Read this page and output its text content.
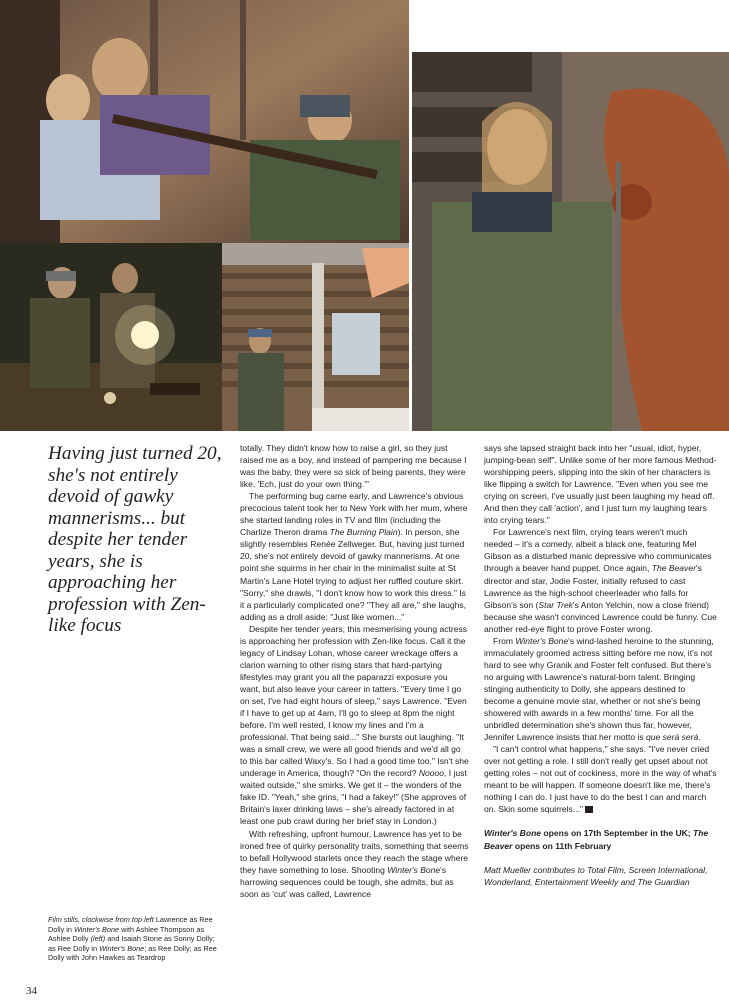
Having just turned 20, she's not entirely devoid of gawky mannerisms... but despite her tender years, she is approaching her profession with Zen-like focus

totally. They didn't know how to raise a girl, so they just raised me as a boy, and instead of pampering me because I was the baby, they were so sick of being parents, they were like, 'Ech, just do your own thing.'"

The performing bug came early, and Lawrence's obvious precocious talent took her to New York with her mum, where she started landing roles in TV and film (including the Charlize Theron drama The Burning Plain). In person, she slightly resembles Renée Zellweger. But, having just turned 20, she's not entirely devoid of gawky mannerisms. At one point she squirms in her chair in the minimalist suite at St Martin's Lane Hotel trying to adjust her ruffled couture skirt. "Sorry," she drawls, "I don't know how to work this dress." Is it a particularly complicated one? "They all are," she laughs, adding as a droll aside: "Just like women..."

Despite her tender years, this mesmerising young actress is approaching her profession with Zen-like focus. Call it the legacy of Lindsay Lohan, whose career wreckage offers a clarion warning to other rising stars that hard-partying lifestyles may grant you all the paparazzi exposure you want, but also leave your career in tatters. "Every time I go on set, I've had eight hours of sleep," says Lawrence. "Even if I have to get up at 4am, I'll go to sleep at 8pm the night before. I'm well rested, I know my lines and I'm a professional. That being said..." She bursts out laughing. "It was a small crew, we were all good friends and we'd all go to this bar called Waxy's. So I had a good time too." Isn't she underage in America, though? "On the record? Noooo, I just waited outside," she smirks. We get it – the wonders of the fake ID. "Yeah," she grins, "I had a fakey!" (She approves of Britain's laxer drinking laws – she's already factored in at least one pub crawl during her brief stay in London.)

With refreshing, upfront humour, Lawrence has yet to be ironed free of quirky personality traits, something that seems to befall Hollywood starlets once they reach the stage where they have something to lose. Shooting Winter's Bone's harrowing sequences could be tough, she admits, but as soon as 'cut' was called, Lawrence

says she lapsed straight back into her "usual, idiot, hyper, jumping-bean self". Unlike some of her more famous Method-worshipping peers, slipping into the skin of her characters is like flipping a switch for Lawrence. "Even when you see me crying on screen, I've usually just been laughing my head off. And then they call 'action', and I just turn my laughing tears into crying tears."

For Lawrence's next film, crying tears weren't much needed – it's a comedy, albeit a black one, featuring Mel Gibson as a disturbed manic depressive who communicates through a beaver hand puppet. Once again, The Beaver's director and star, Jodie Foster, initially refused to cast Lawrence as the high-school cheerleader who falls for Gibson's son (Star Trek's Anton Yelchin, now a close friend) because she wasn't convinced Lawrence could be funny. Cue another red-eye flight to prove Foster wrong.

From Winter's Bone's wind-lashed heroine to the stunning, immaculately groomed actress sitting before me now, it's not hard to see why Granik and Foster felt confused. But there's no arguing with Lawrence's natural-born talent. Bringing stinging authenticity to Dolly, she appears destined to become a genuine movie star, whether or not she's being showered with awards in a few months' time. For all the unbridled determination she's shown thus far, however, Jennifer Lawrence insists that her motto is que será será.

"I can't control what happens," she says. "I've never cried over not getting a role. I still don't really get upset about not getting roles – not out of cockiness, more in the way of what's meant to be will happen. If someone doesn't like me, there's nothing I can do. I just have to do the best I can and march on. Skin some squirrels..."

Winter's Bone opens on 17th September in the UK; The Beaver opens on 11th February

Matt Mueller contributes to Total Film, Screen International, Wonderland, Entertainment Weekly and The Guardian

Film stills, clockwise from top left Lawrence as Ree Dolly in Winter's Bone with Ashlee Thompson as Ashlee Dolly (left) and Isaiah Stone as Sonny Dolly; as Ree Dolly in Winter's Bone; as Ree Dolly; as Ree Dolly with John Hawkes as Teardrop
34
